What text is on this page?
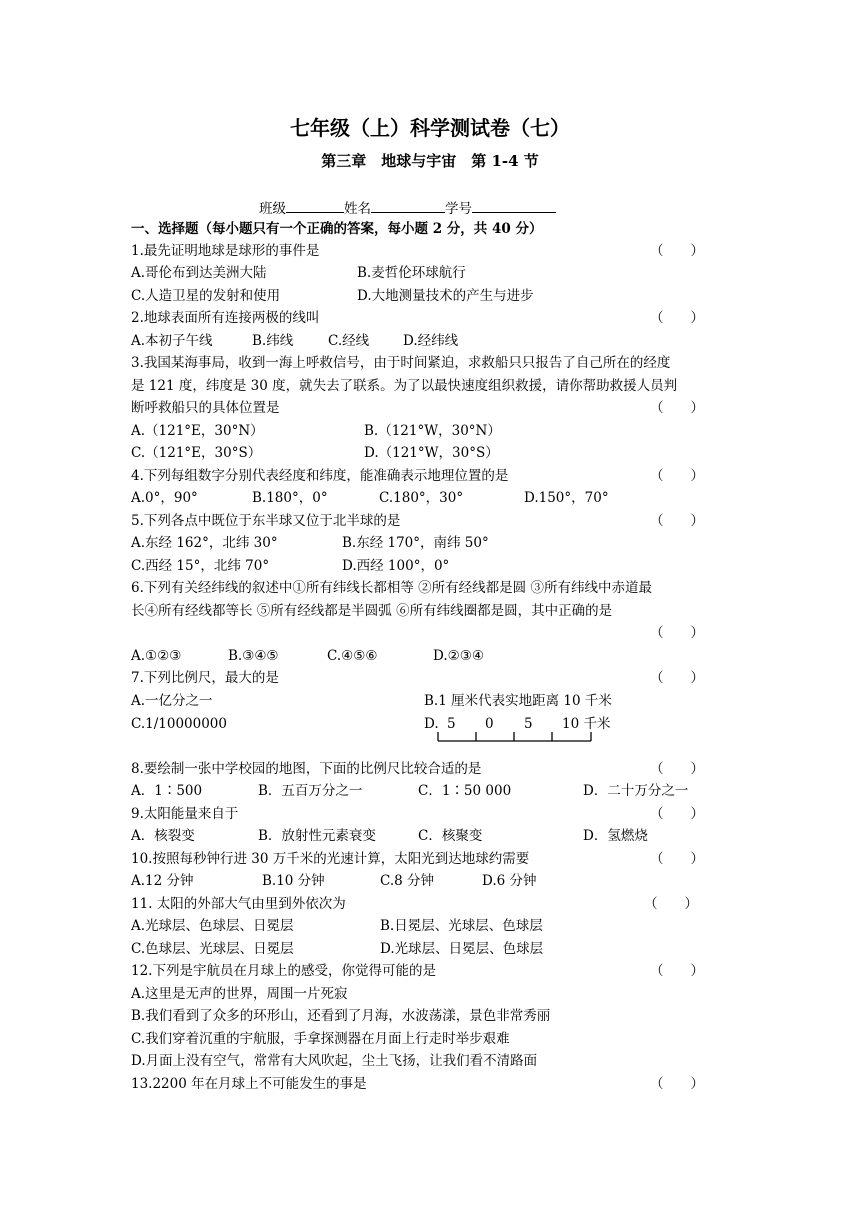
七年级（上）科学测试卷（七）
第三章　地球与宇宙　第 1-4 节
班级	姓名	学号
一、选择题（每小题只有一个正确的答案，每小题 2 分，共 40 分）
1.最先证明地球是球形的事件是	（　　）
A.哥伦布到达美洲大陆	B.麦哲伦环球航行
C.人造卫星的发射和使用	D.大地测量技术的产生与进步
2.地球表面所有连接两极的线叫	（　　）
A.本初子午线	B.纬线	C.经线	D.经纬线
3.我国某海事局，收到一海上呼救信号，由于时间紧迫，求救船只只报告了自己所在的经度
是 121 度，纬度是 30 度，就失去了联系。为了以最快速度组织救援，请你帮助救援人员判
断呼救船只的具体位置是	（　　）
A.（121°E，30°N）	B.（121°W，30°N）
C.（121°E，30°S）	D.（121°W，30°S）
4.下列每组数字分别代表经度和纬度，能准确表示地理位置的是	（　　）
A.0°，90°	B.180°，0°	C.180°，30°	D.150°，70°
5.下列各点中既位于东半球又位于北半球的是	（　　）
A.东经 162°，北纬 30°	B.东经 170°，南纬 50°
C.西经 15°，北纬 70°	D.西经 100°，0°
6.下列有关经纬线的叙述中①所有纬线长都相等 ②所有经线都是圆 ③所有纬线中赤道最
长④所有经线都等长 ⑤所有经线都是半圆弧 ⑥所有纬线圈都是圆，其中正确的是
（　　）
A.①②③	B.③④⑤	C.④⑤⑥	D.②③④
7.下列比例尺，最大的是	（　　）
A.一亿分之一	B.1 厘米代表实地距离 10 千米
C.1/10000000	D. 5 0 5 10 千米
8.要绘制一张中学校园的地图，下面的比例尺比较合适的是	（　　）
A．1∶500	B．五百万分之一	C．1∶50 000	D．二十万分之一
9.太阳能量来自于	（　　）
A．核裂变	B．放射性元素衰变	C．核聚变	D．氢燃烧
10.按照每秒钟行进 30 万千米的光速计算，太阳光到达地球约需要	（　　）
A.12 分钟	B.10 分钟	C.8 分钟	D.6 分钟
11. 太阳的外部大气由里到外依次为	（　　）
A.光球层、色球层、日冕层	B.日冕层、光球层、色球层
C.色球层、光球层、日冕层	D.光球层、日冕层、色球层
12.下列是宇航员在月球上的感受，你觉得可能的是	（　　）
A.这里是无声的世界，周围一片死寂
B.我们看到了众多的环形山，还看到了月海，水波荡漾，景色非常秀丽
C.我们穿着沉重的宇航服，手拿探测器在月面上行走时举步艰难
D.月面上没有空气，常常有大风吹起，尘土飞扬，让我们看不清路面
13.2200 年在月球上不可能发生的事是	（　　）
